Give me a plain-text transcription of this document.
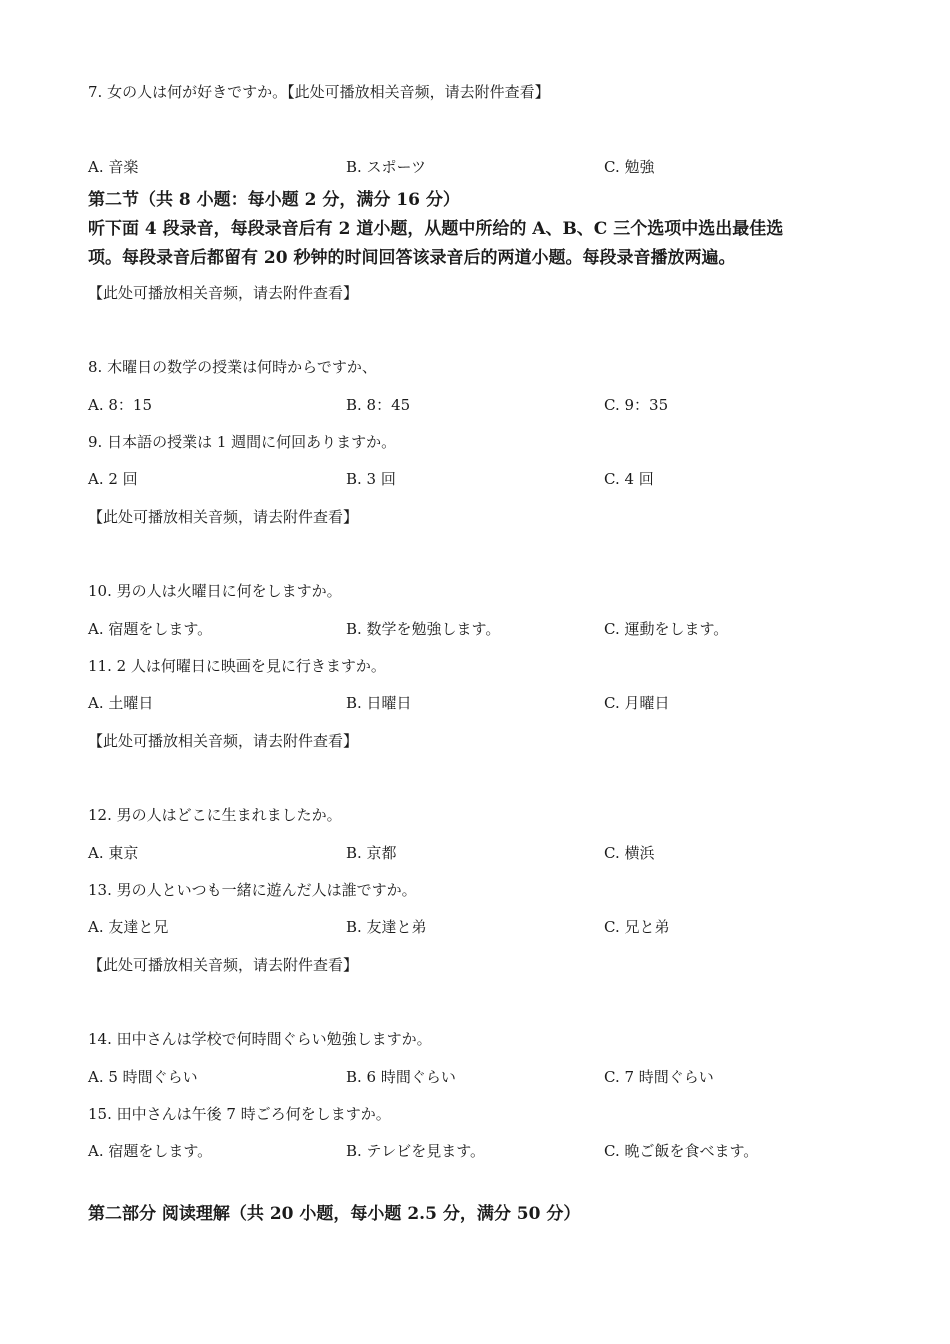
7. 女の人は何が好きですか。【此处可播放相关音频，请去附件查看】
A. 音楽	B. スポーツ	C. 勉強
第二节（共 8 小题：每小题 2 分，满分 16 分）
听下面 4 段录音，每段录音后有 2 道小题，从题中所给的 A、B、C 三个选项中选出最佳选
项。每段录音后都留有 20 秒钟的时间回答该录音后的两道小题。每段录音播放两遍。
【此处可播放相关音频，请去附件查看】
8. 木曜日の数学の授業は何時からですか、
A. 8：15	B. 8：45	C. 9：35
9. 日本語の授業は 1 週間に何回ありますか。
A. 2 回	B. 3 回	C. 4 回
【此处可播放相关音频，请去附件查看】
10. 男の人は火曜日に何をしますか。
A. 宿題をします。	B. 数学を勉強します。	C. 運動をします。
11. 2 人は何曜日に映画を見に行きますか。
A. 土曜日	B. 日曜日	C. 月曜日
【此处可播放相关音频，请去附件查看】
12. 男の人はどこに生まれましたか。
A. 東京	B. 京都	C. 横浜
13. 男の人といつも一緒に遊んだ人は誰ですか。
A. 友達と兄	B. 友達と弟	C. 兄と弟
【此处可播放相关音频，请去附件查看】
14. 田中さんは学校で何時間ぐらい勉強しますか。
A. 5 時間ぐらい	B. 6 時間ぐらい	C. 7 時間ぐらい
15. 田中さんは午後 7 時ごろ何をしますか。
A. 宿題をします。	B. テレビを見ます。	C. 晩ご飯を食べます。
第二部分 阅读理解（共 20 小题，每小题 2.5 分，满分 50 分）
